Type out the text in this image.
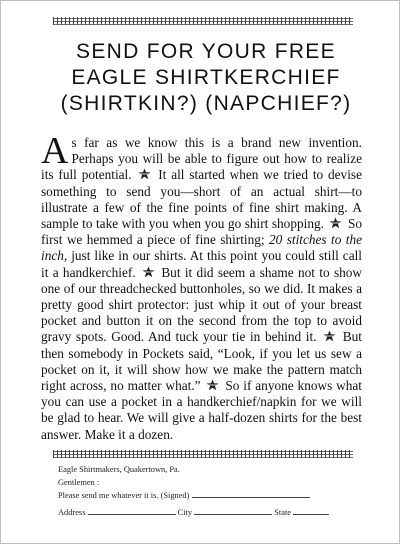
SEND FOR YOUR FREE
EAGLE SHIRTKERCHIEF
(SHIRTKIN?) (NAPCHIEF?)
As far as we know this is a brand new invention. Perhaps you will be able to figure out how to realize its full potential. It all started when we tried to devise something to send you—short of an actual shirt—to illustrate a few of the fine points of fine shirt making. A sample to take with you when you go shirt shopping. So first we hemmed a piece of fine shirting; 20 stitches to the inch, just like in our shirts. At this point you could still call it a handkerchief. But it did seem a shame not to show one of our threadchecked buttonholes, so we did. It makes a pretty good shirt protector: just whip it out of your breast pocket and button it on the second from the top to avoid gravy spots. Good. And tuck your tie in behind it. But then somebody in Pockets said, “Look, if you let us sew a pocket on it, it will show how we make the pattern match right across, no matter what.” So if anyone knows what you can use a pocket in a handkerchief/napkin for we will be glad to hear. We will give a half-dozen shirts for the best answer. Make it a dozen.
Eagle Shirtmakers, Quakertown, Pa.
Gentlemen :
Please send me whatever it is. (Signed)
Address	City	State
